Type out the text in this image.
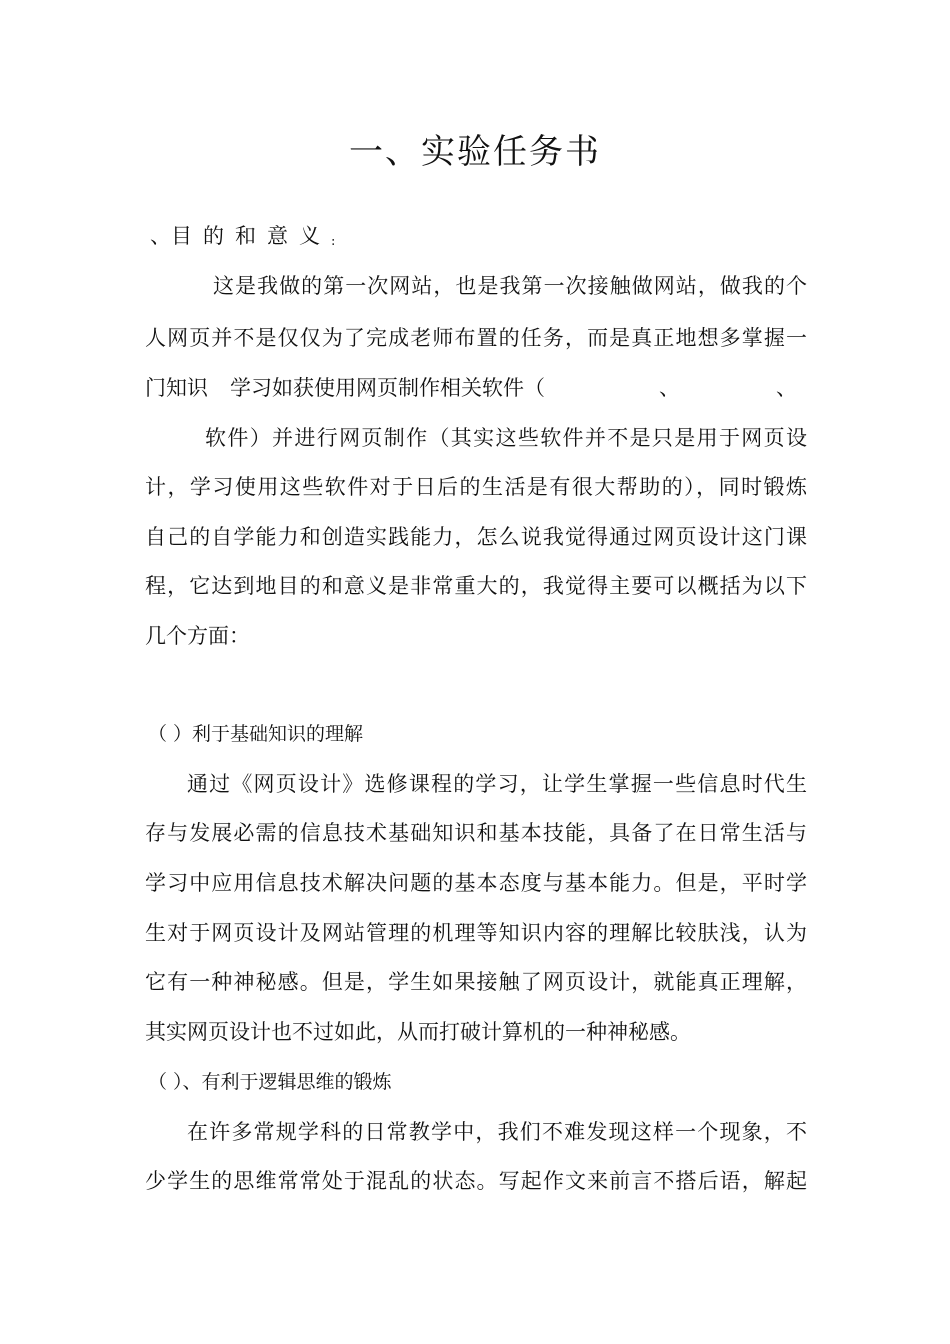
一、实验任务书
、目的和意义:
这是我做的第一次网站，也是我第一次接触做网站，做我的个
人网页并不是仅仅为了完成老师布置的任务，而是真正地想多掌握一
门知识 学习如获使用网页制作相关软件（	、	、
软件）并进行网页制作（其实这些软件并不是只是用于网页设
计，学习使用这些软件对于日后的生活是有很大帮助的），同时锻炼
自己的自学能力和创造实践能力，怎么说我觉得通过网页设计这门课
程，它达到地目的和意义是非常重大的，我觉得主要可以概括为以下
几个方面：
（ ）利于基础知识的理解
通过《网页设计》选修课程的学习，让学生掌握一些信息时代生
存与发展必需的信息技术基础知识和基本技能，具备了在日常生活与
学习中应用信息技术解决问题的基本态度与基本能力。但是，平时学
生对于网页设计及网站管理的机理等知识内容的理解比较肤浅，认为
它有一种神秘感。但是，学生如果接触了网页设计，就能真正理解，
其实网页设计也不过如此，从而打破计算机的一种神秘感。
（ ）、有利于逻辑思维的锻炼
在许多常规学科的日常教学中，我们不难发现这样一个现象，不
少学生的思维常常处于混乱的状态。写起作文来前言不搭后语，解起
